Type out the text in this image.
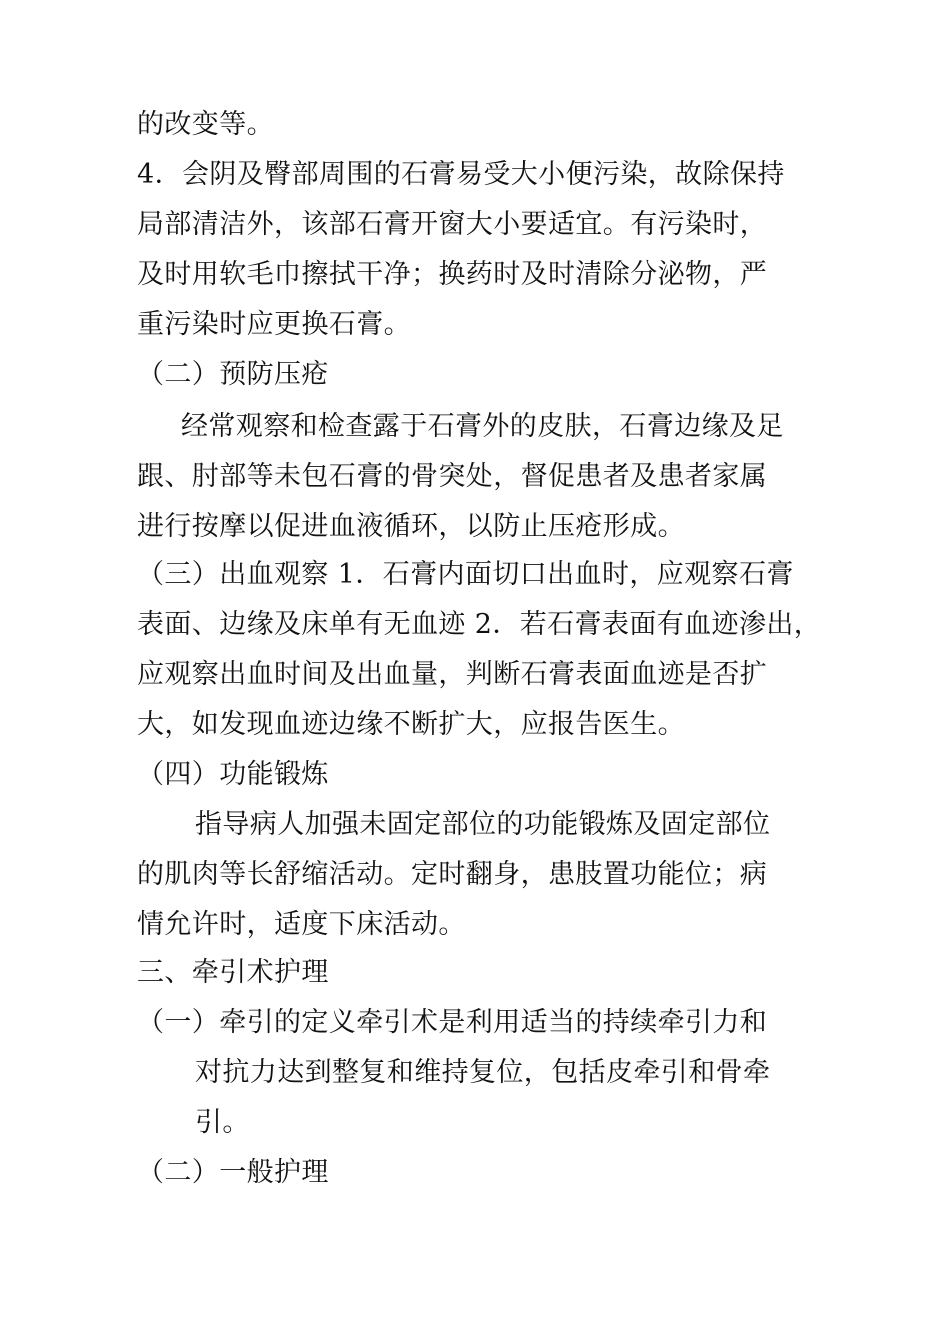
的改变等。
4．会阴及臀部周围的石膏易受大小便污染，故除保持
局部清洁外，该部石膏开窗大小要适宜。有污染时，
及时用软毛巾擦拭干净；换药时及时清除分泌物，严
重污染时应更换石膏。
（二）预防压疮
经常观察和检查露于石膏外的皮肤，石膏边缘及足
跟、肘部等未包石膏的骨突处，督促患者及患者家属
进行按摩以促进血液循环，以防止压疮形成。
（三）出血观察 1．石膏内面切口出血时，应观察石膏
表面、边缘及床单有无血迹 2．若石膏表面有血迹渗出，
应观察出血时间及出血量，判断石膏表面血迹是否扩
大，如发现血迹边缘不断扩大，应报告医生。
（四）功能锻炼
指导病人加强未固定部位的功能锻炼及固定部位
的肌肉等长舒缩活动。定时翻身，患肢置功能位；病
情允许时，适度下床活动。
三、牵引术护理
（一）牵引的定义牵引术是利用适当的持续牵引力和
对抗力达到整复和维持复位，包括皮牵引和骨牵
引。
（二）一般护理
